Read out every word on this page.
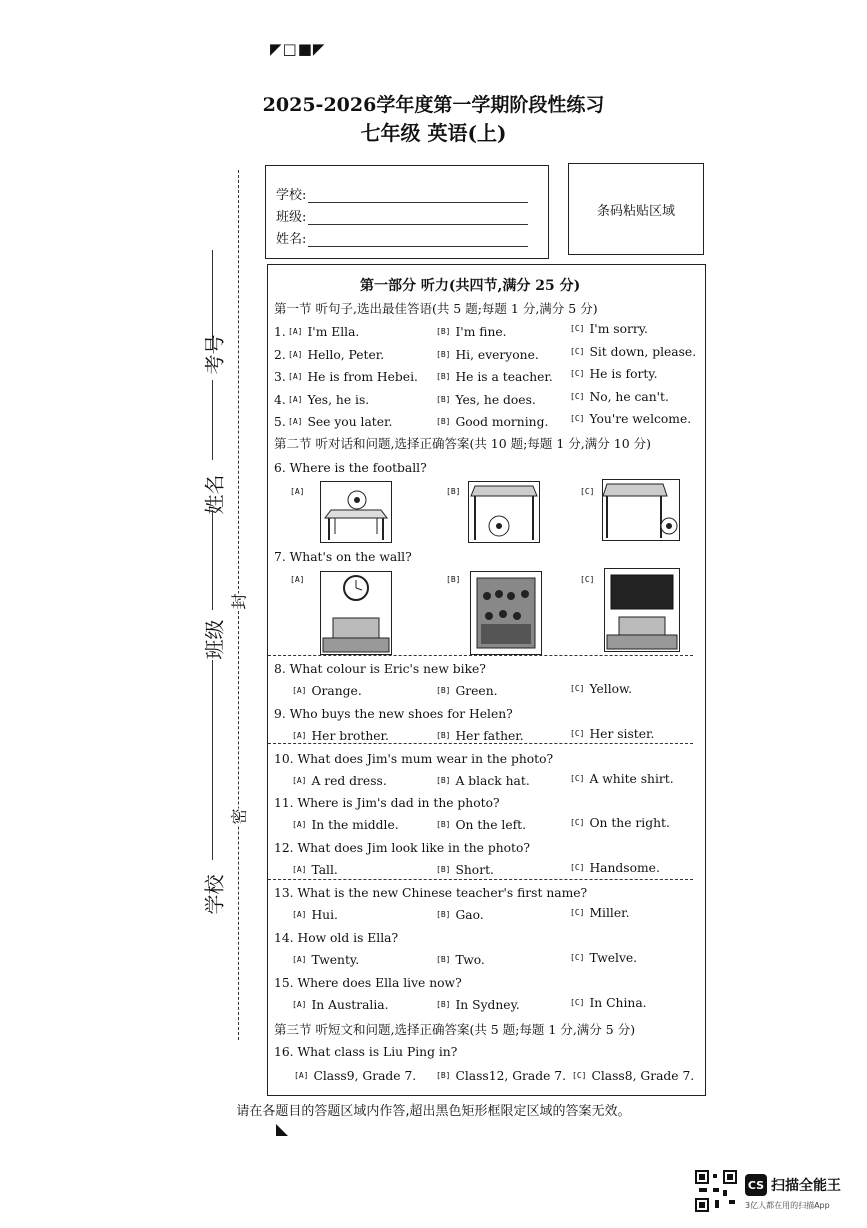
◤□■◤
2025-2026学年度第一学期阶段性练习
七年级 英语(上)
学校:
班级:
姓名:
条码粘贴区域
考号
姓名
班级
封
密
学校
第一部分 听力(共四节,满分 25 分)
第一节 听句子,选出最佳答语(共 5 题;每题 1 分,满分 5 分)
1. [A] I'm Ella.	[B] I'm fine.	[C] I'm sorry.
2. [A] Hello, Peter.	[B] Hi, everyone.	[C] Sit down, please.
3. [A] He is from Hebei. [B] He is a teacher. [C] He is forty.
4. [A] Yes, he is.	[B] Yes, he does.	[C] No, he can't.
5. [A] See you later.	[B] Good morning.	[C] You're welcome.
第二节 听对话和问题,选择正确答案(共 10 题;每题 1 分,满分 10 分)
6. Where is the football?
[A]	[B]	[C]
7. What's on the wall?
[A]	[B]	[C]
8. What colour is Eric's new bike?
[A] Orange.	[B] Green.	[C] Yellow.
9. Who buys the new shoes for Helen?
[A] Her brother.	[B] Her father.	[C] Her sister.
10. What does Jim's mum wear in the photo?
[A] A red dress.	[B] A black hat.	[C] A white shirt.
11. Where is Jim's dad in the photo?
[A] In the middle.	[B] On the left.	[C] On the right.
12. What does Jim look like in the photo?
[A] Tall.	[B] Short.	[C] Handsome.
13. What is the new Chinese teacher's first name?
[A] Hui.	[B] Gao.	[C] Miller.
14. How old is Ella?
[A] Twenty.	[B] Two.	[C] Twelve.
15. Where does Ella live now?
[A] In Australia.	[B] In Sydney.	[C] In China.
第三节 听短文和问题,选择正确答案(共 5 题;每题 1 分,满分 5 分)
16. What class is Liu Ping in?
[A] Class9, Grade 7. [B] Class12, Grade 7. [C] Class8, Grade 7.
请在各题目的答题区域内作答,超出黑色矩形框限定区域的答案无效。
CS 扫描全能王
3亿人都在用的扫描App
